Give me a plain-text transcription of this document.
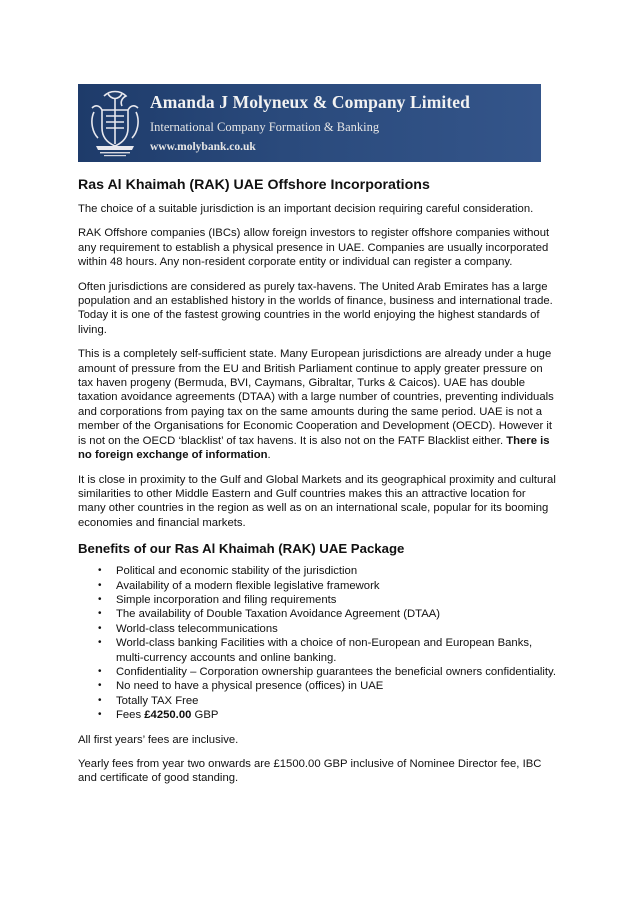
Amanda J Molyneux & Company Limited
International Company Formation & Banking
www.molybank.co.uk
Ras Al Khaimah (RAK) UAE Offshore Incorporations

The choice of a suitable jurisdiction is an important decision requiring careful consideration.

RAK Offshore companies (IBCs) allow foreign investors to register offshore companies without any requirement to establish a physical presence in UAE. Companies are usually incorporated within 48 hours. Any non-resident corporate entity or individual can register a company.

Often jurisdictions are considered as purely tax-havens. The United Arab Emirates has a large population and an established history in the worlds of finance, business and international trade. Today it is one of the fastest growing countries in the world enjoying the highest standards of living.

This is a completely self-sufficient state. Many European jurisdictions are already under a huge amount of pressure from the EU and British Parliament continue to apply greater pressure on tax haven progeny (Bermuda, BVI, Caymans, Gibraltar, Turks & Caicos). UAE has double taxation avoidance agreements (DTAA) with a large number of countries, preventing individuals and corporations from paying tax on the same amounts during the same period. UAE is not a member of the Organisations for Economic Cooperation and Development (OECD). However it is not on the OECD ‘blacklist’ of tax havens. It is also not on the FATF Blacklist either. There is no foreign exchange of information.

It is close in proximity to the Gulf and Global Markets and its geographical proximity and cultural similarities to other Middle Eastern and Gulf countries makes this an attractive location for many other countries in the region as well as on an international scale, popular for its booming economies and financial markets.

Benefits of our Ras Al Khaimah (RAK) UAE Package
• Political and economic stability of the jurisdiction
• Availability of a modern flexible legislative framework
• Simple incorporation and filing requirements
• The availability of Double Taxation Avoidance Agreement (DTAA)
• World-class telecommunications
• World-class banking Facilities with a choice of non-European and European Banks, multi-currency accounts and online banking.
• Confidentiality – Corporation ownership guarantees the beneficial owners confidentiality.
• No need to have a physical presence (offices) in UAE
• Totally TAX Free
• Fees £4250.00 GBP

All first years’ fees are inclusive.

Yearly fees from year two onwards are £1500.00 GBP inclusive of Nominee Director fee, IBC and certificate of good standing.
